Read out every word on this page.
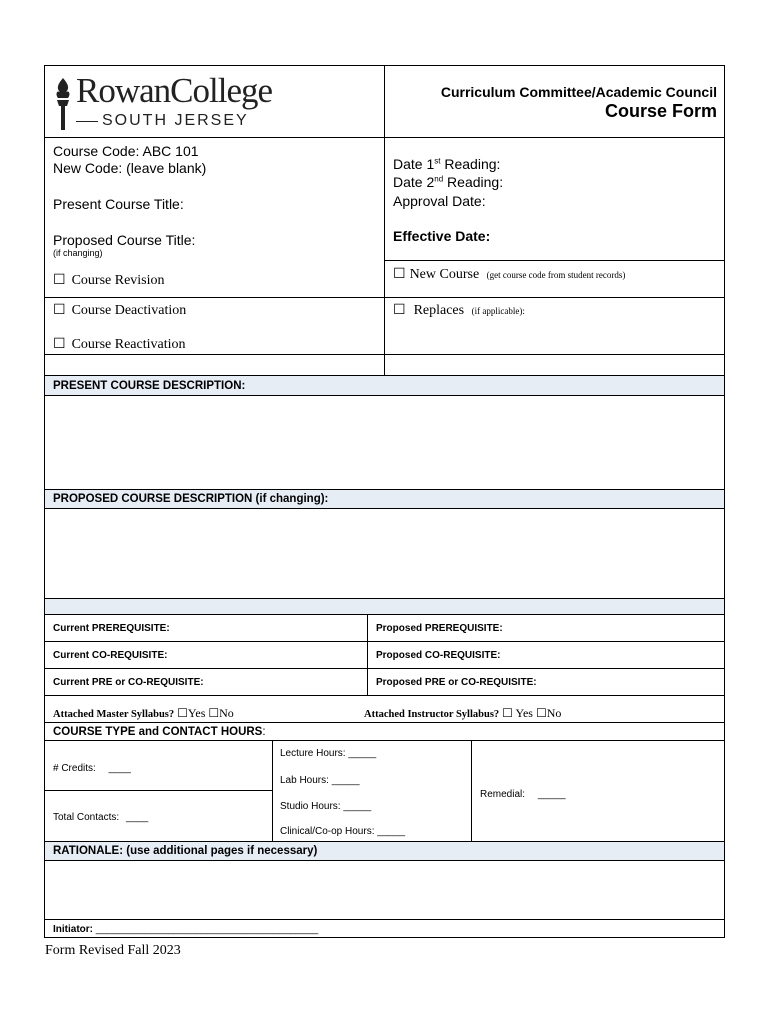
RowanCollege
SOUTH JERSEY
Curriculum Committee/Academic Council
Course Form
Course Code: ABC 101
New Code: (leave blank)
Present Course Title:
Proposed Course Title:
(if changing)
Date 1st Reading:
Date 2nd Reading:
Approval Date:
Effective Date:
☐ Course Revision	☐ New Course (get course code from student records)
☐ Course Deactivation	☐ Replaces (if applicable):
☐ Course Reactivation
PRESENT COURSE DESCRIPTION:
PROPOSED COURSE DESCRIPTION (if changing):
Current PREREQUISITE:	Proposed PREREQUISITE:
Current CO-REQUISITE:	Proposed CO-REQUISITE:
Current PRE or CO-REQUISITE:	Proposed PRE or CO-REQUISITE:
Attached Master Syllabus? ☐Yes ☐No	Attached Instructor Syllabus? ☐ Yes ☐No
COURSE TYPE and CONTACT HOURS:
# Credits: ____
Total Contacts: ____
Lecture Hours: _____
Lab Hours: _____
Studio Hours: _____
Clinical/Co-op Hours: _____
Remedial: _____
RATIONALE: (use additional pages if necessary)
Initiator: ________________________________________
Form Revised Fall 2023
